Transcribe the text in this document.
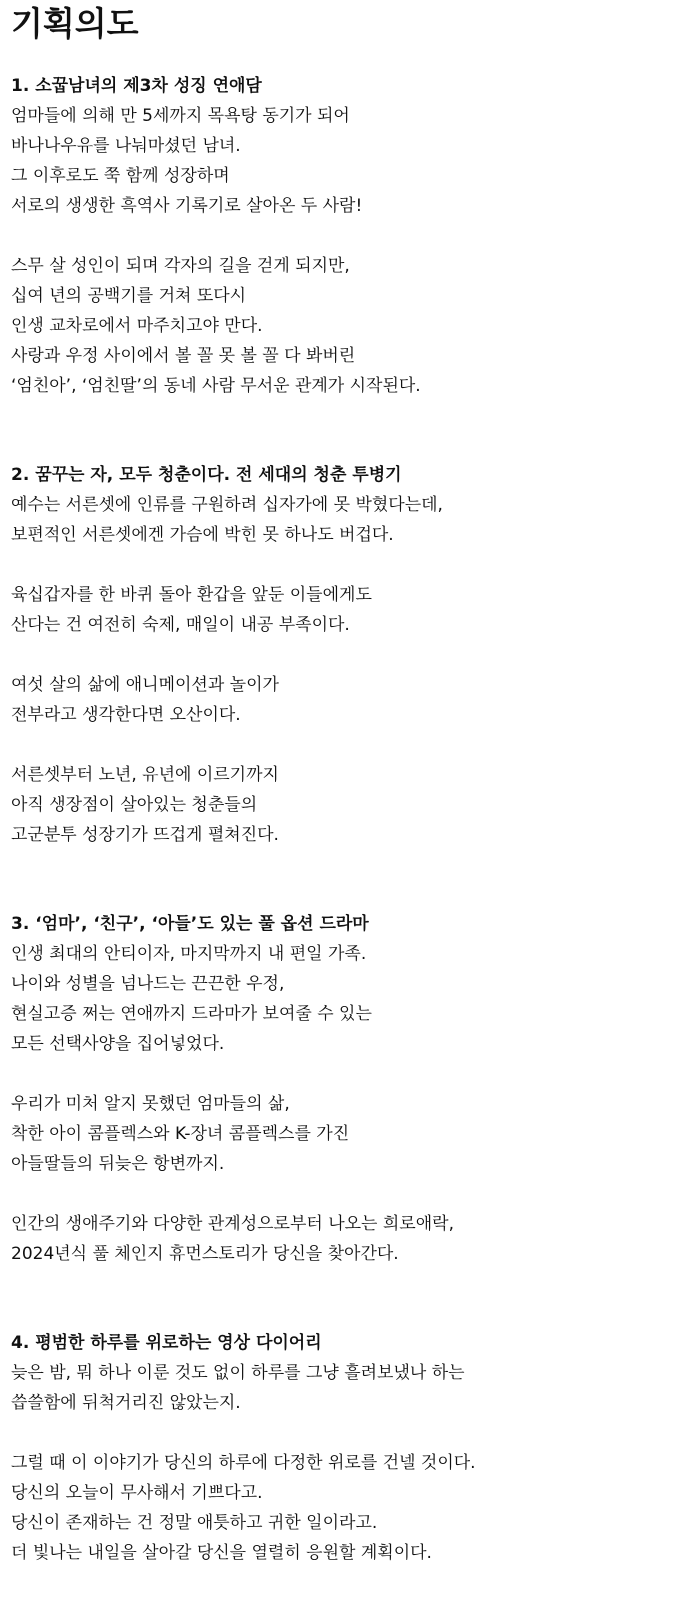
기획의도
1. 소꿉남녀의 제3차 성징 연애담
엄마들에 의해 만 5세까지 목욕탕 동기가 되어
바나나우유를 나눠마셨던 남녀.
그 이후로도 쭉 함께 성장하며
서로의 생생한 흑역사 기록기로 살아온 두 사람!
스무 살 성인이 되며 각자의 길을 걷게 되지만,
십여 년의 공백기를 거쳐 또다시
인생 교차로에서 마주치고야 만다.
사랑과 우정 사이에서 볼 꼴 못 볼 꼴 다 봐버린
‘엄친아’, ‘엄친딸’의 동네 사람 무서운 관계가 시작된다.
2. 꿈꾸는 자, 모두 청춘이다. 전 세대의 청춘 투병기
예수는 서른셋에 인류를 구원하려 십자가에 못 박혔다는데,
보편적인 서른셋에겐 가슴에 박힌 못 하나도 버겁다.
육십갑자를 한 바퀴 돌아 환갑을 앞둔 이들에게도
산다는 건 여전히 숙제, 매일이 내공 부족이다.
여섯 살의 삶에 애니메이션과 놀이가
전부라고 생각한다면 오산이다.
서른셋부터 노년, 유년에 이르기까지
아직 생장점이 살아있는 청춘들의
고군분투 성장기가 뜨겁게 펼쳐진다.
3. ‘엄마’, ‘친구’, ‘아들’도 있는 풀 옵션 드라마
인생 최대의 안티이자, 마지막까지 내 편일 가족.
나이와 성별을 넘나드는 끈끈한 우정,
현실고증 쩌는 연애까지 드라마가 보여줄 수 있는
모든 선택사양을 집어넣었다.
우리가 미처 알지 못했던 엄마들의 삶,
착한 아이 콤플렉스와 K-장녀 콤플렉스를 가진
아들딸들의 뒤늦은 항변까지.
인간의 생애주기와 다양한 관계성으로부터 나오는 희로애락,
2024년식 풀 체인지 휴먼스토리가 당신을 찾아간다.
4. 평범한 하루를 위로하는 영상 다이어리
늦은 밤, 뭐 하나 이룬 것도 없이 하루를 그냥 흘려보냈나 하는
씁쓸함에 뒤척거리진 않았는지.
그럴 때 이 이야기가 당신의 하루에 다정한 위로를 건넬 것이다.
당신의 오늘이 무사해서 기쁘다고.
당신이 존재하는 건 정말 애틋하고 귀한 일이라고.
더 빛나는 내일을 살아갈 당신을 열렬히 응원할 계획이다.
